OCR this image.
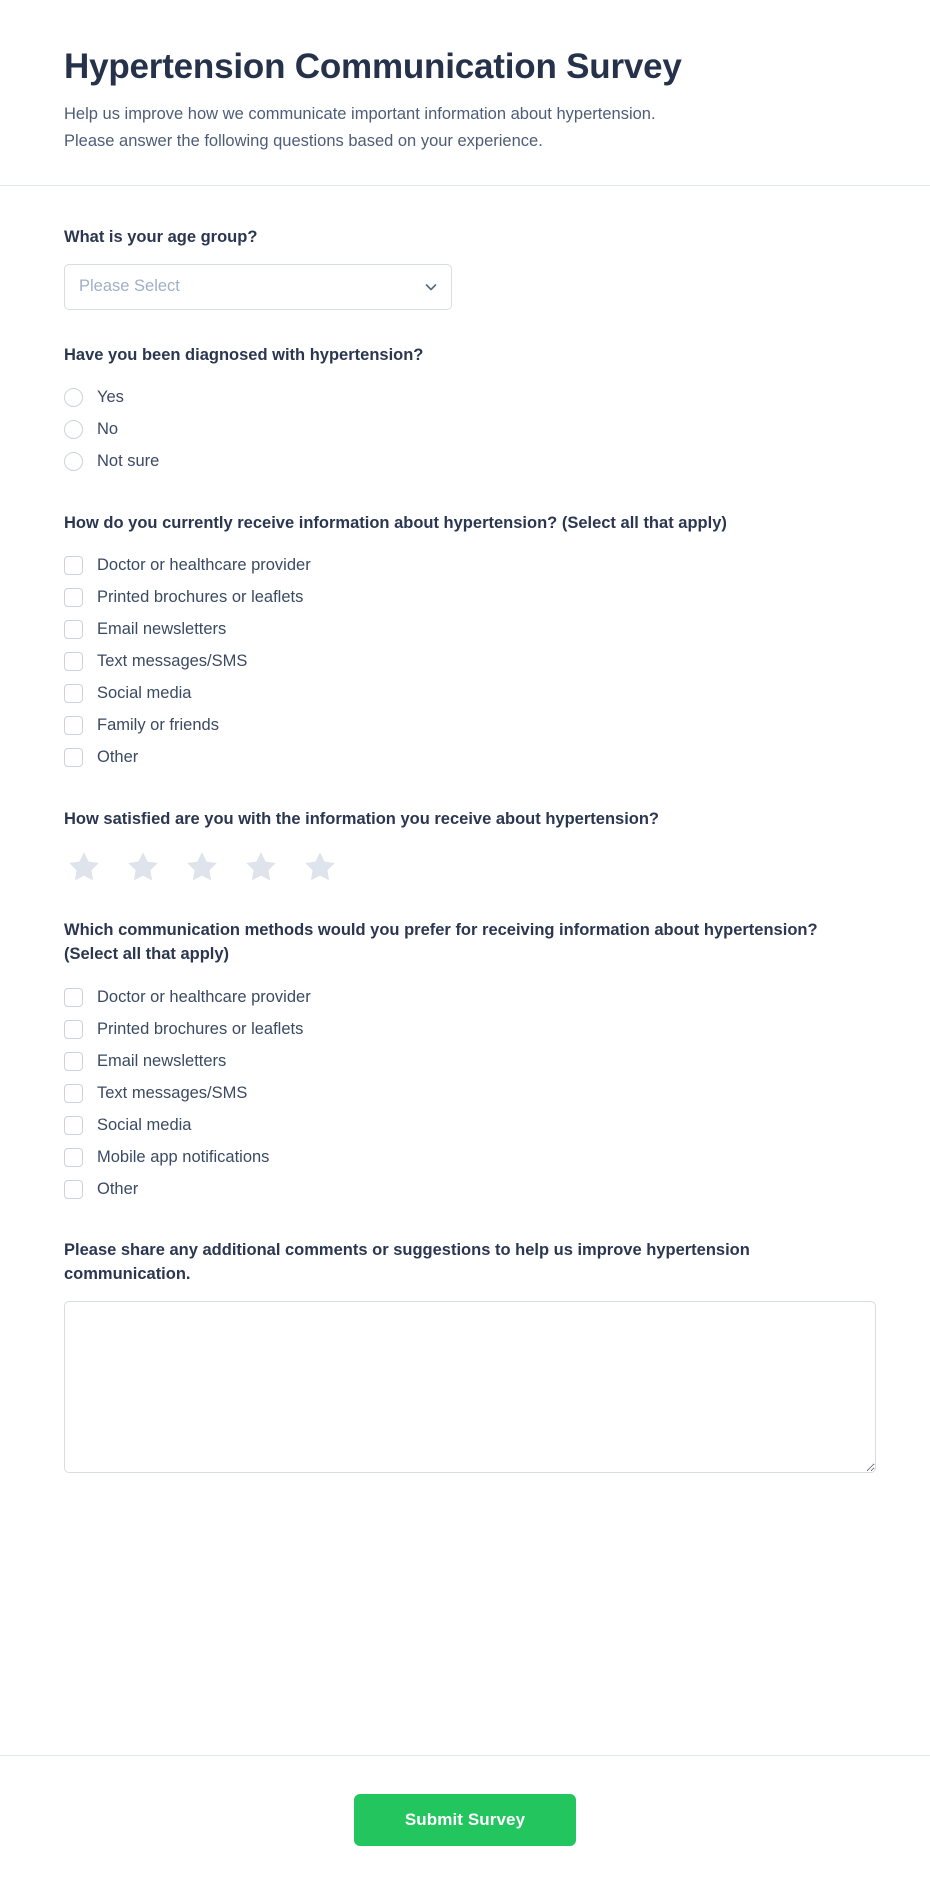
Hypertension Communication Survey

Help us improve how we communicate important information about hypertension.
Please answer the following questions based on your experience.

What is your age group?

Please Select

Have you been diagnosed with hypertension?

Yes
No
Not sure

How do you currently receive information about hypertension? (Select all that apply)

Doctor or healthcare provider
Printed brochures or leaflets
Email newsletters
Text messages/SMS
Social media
Family or friends
Other

How satisfied are you with the information you receive about hypertension?

Which communication methods would you prefer for receiving information about hypertension? (Select all that apply)

Doctor or healthcare provider
Printed brochures or leaflets
Email newsletters
Text messages/SMS
Social media
Mobile app notifications
Other

Please share any additional comments or suggestions to help us improve hypertension communication.

Submit Survey
